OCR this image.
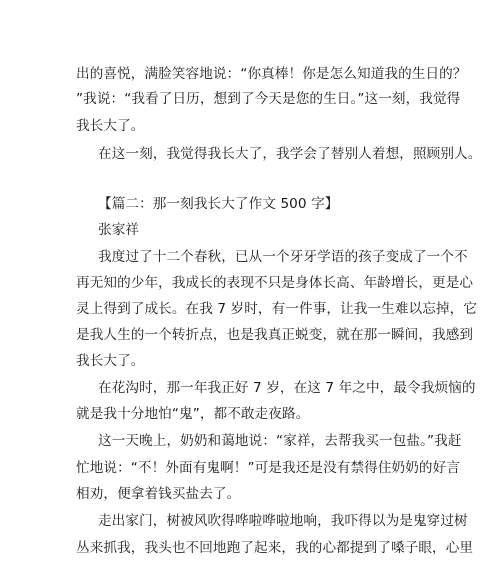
出的喜悦，满脸笑容地说：“你真棒！你是怎么知道我的生日的？
”我说：“我看了日历，想到了今天是您的生日。”这一刻，我觉得
我长大了。
在这一刻，我觉得我长大了，我学会了替别人着想，照顾别人。
【篇二：那一刻我长大了作文 500 字】
张家祥
我度过了十二个春秋，已从一个牙牙学语的孩子变成了一个不
再无知的少年，我成长的表现不只是身体长高、年龄增长，更是心
灵上得到了成长。在我 7 岁时，有一件事，让我一生难以忘掉，它
是我人生的一个转折点，也是我真正蜕变，就在那一瞬间，我感到
我长大了。
在花沟时，那一年我正好 7 岁，在这 7 年之中，最令我烦恼的
就是我十分地怕“鬼”，都不敢走夜路。
这一天晚上，奶奶和蔼地说：“家祥，去帮我买一包盐。”我赶
忙地说：“不！外面有鬼啊！”可是我还是没有禁得住奶奶的好言
相劝，便拿着钱买盐去了。
走出家门，树被风吹得哗啦哗啦地响，我吓得以为是鬼穿过树
丛来抓我，我头也不回地跑了起来，我的心都提到了嗓子眼，心里
